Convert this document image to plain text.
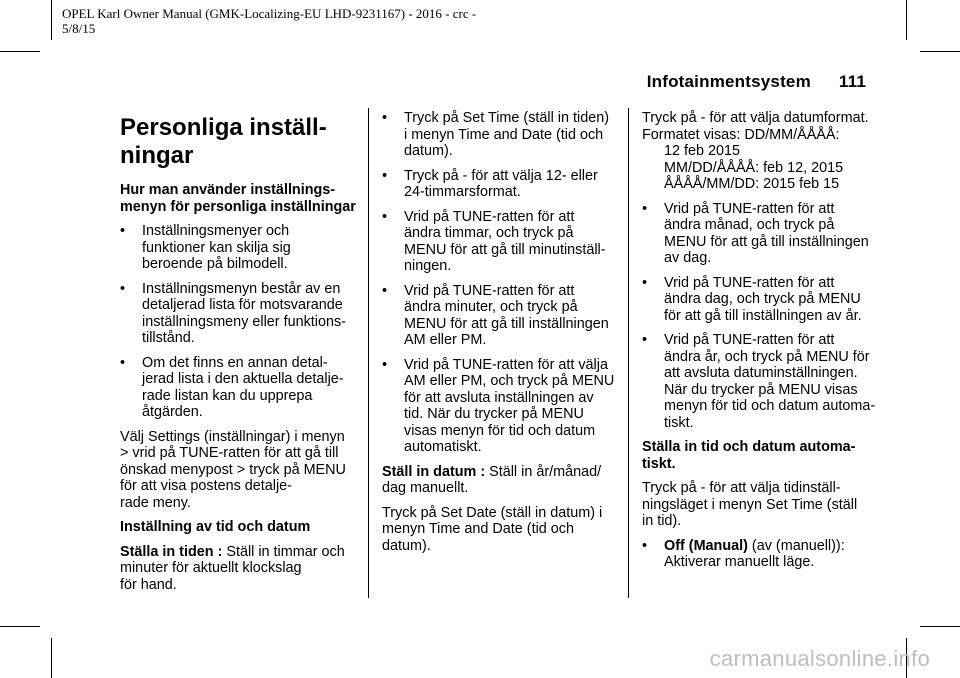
OPEL Karl Owner Manual (GMK-Localizing-EU LHD-9231167) - 2016 - crc -
5/8/15
Infotainmentsystem 111
Personliga inställ-
ningar

Hur man använder inställnings-
menyn för personliga inställningar

• Inställningsmenyer och
funktioner kan skilja sig
beroende på bilmodell.
• Inställningsmenyn består av en
detaljerad lista för motsvarande
inställningsmeny eller funktions-
tillstånd.
• Om det finns en annan detal-
jerad lista i den aktuella detalje-
rade listan kan du upprepa
åtgärden.

Välj Settings (inställningar) i menyn
> vrid på TUNE-ratten för att gå till
önskad menypost > tryck på MENU
för att visa postens detalje-
rade meny.

Inställning av tid och datum

Ställa in tiden : Ställ in timmar och
minuter för aktuellt klockslag
för hand.

• Tryck på Set Time (ställ in tiden)
i menyn Time and Date (tid och
datum).
• Tryck på - för att välja 12- eller
24-timmarsformat.
• Vrid på TUNE-ratten för att
ändra timmar, och tryck på
MENU för att gå till minutinställ-
ningen.
• Vrid på TUNE-ratten för att
ändra minuter, och tryck på
MENU för att gå till inställningen
AM eller PM.
• Vrid på TUNE-ratten för att välja
AM eller PM, och tryck på MENU
för att avsluta inställningen av
tid. När du trycker på MENU
visas menyn för tid och datum
automatiskt.

Ställ in datum : Ställ in år/månad/
dag manuellt.

Tryck på Set Date (ställ in datum) i
menyn Time and Date (tid och
datum).

Tryck på - för att välja datumformat.
Formatet visas: DD/MM/ÅÅÅÅ:

12 feb 2015
MM/DD/ÅÅÅÅ: feb 12, 2015
ÅÅÅÅ/MM/DD: 2015 feb 15
• Vrid på TUNE-ratten för att
ändra månad, och tryck på
MENU för att gå till inställningen
av dag.
• Vrid på TUNE-ratten för att
ändra dag, och tryck på MENU
för att gå till inställningen av år.
• Vrid på TUNE-ratten för att
ändra år, och tryck på MENU för
att avsluta datuminställningen.
När du trycker på MENU visas
menyn för tid och datum automa-
tiskt.

Ställa in tid och datum automa-
tiskt.

Tryck på - för att välja tidinställ-
ningsläget i menyn Set Time (ställ
in tid).

• Off (Manual) (av (manuell)):
Aktiverar manuellt läge.
carmanualsonline.info
